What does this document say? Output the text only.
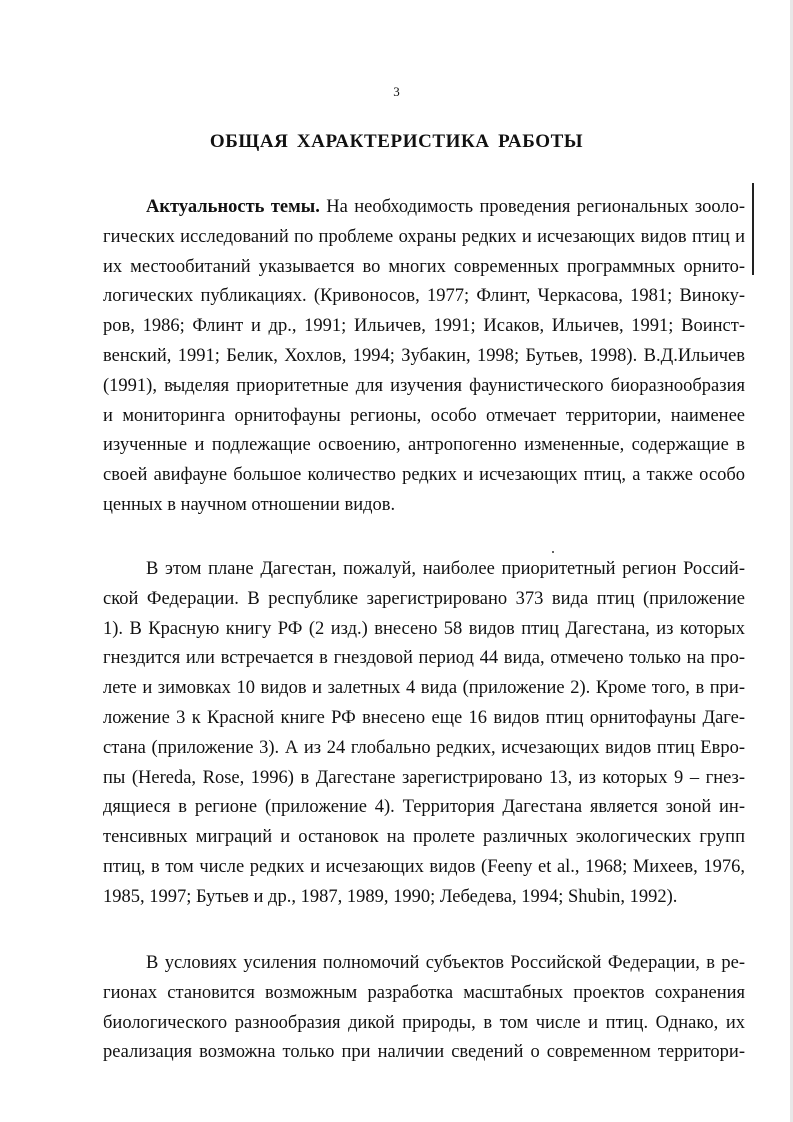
3
ОБЩАЯ ХАРАКТЕРИСТИКА РАБОТЫ
Актуальность темы. На необходимость проведения региональных зооло-
гических исследований по проблеме охраны редких и исчезающих видов птиц и
их местообитаний указывается во многих современных программных орнито-
логических публикациях. (Кривоносов, 1977; Флинт, Черкасова, 1981; Виноку-
ров, 1986; Флинт и др., 1991; Ильичев, 1991; Исаков, Ильичев, 1991; Воинст-
венский, 1991; Белик, Хохлов, 1994; Зубакин, 1998; Бутьев, 1998). В.Д.Ильичев
(1991), выделяя приоритетные для изучения фаунистического биоразнообразия
и мониторинга орнитофауны регионы, особо отмечает территории, наименее
изученные и подлежащие освоению, антропогенно измененные, содержащие в
своей авифауне большое количество редких и исчезающих птиц, а также особо
ценных в научном отношении видов.
В этом плане Дагестан, пожалуй, наиболее приоритетный регион Россий-
ской Федерации. В республике зарегистрировано 373 вида птиц (приложение
1). В Красную книгу РФ (2 изд.) внесено 58 видов птиц Дагестана, из которых
гнездится или встречается в гнездовой период 44 вида, отмечено только на про-
лете и зимовках 10 видов и залетных 4 вида (приложение 2). Кроме того, в при-
ложение 3 к Красной книге РФ внесено еще 16 видов птиц орнитофауны Даге-
стана (приложение 3). А из 24 глобально редких, исчезающих видов птиц Евро-
пы (Hereda, Rose, 1996) в Дагестане зарегистрировано 13, из которых 9 – гнез-
дящиеся в регионе (приложение 4). Территория Дагестана является зоной ин-
тенсивных миграций и остановок на пролете различных экологических групп
птиц, в том числе редких и исчезающих видов (Feeny et al., 1968; Михеев, 1976,
1985, 1997; Бутьев и др., 1987, 1989, 1990; Лебедева, 1994; Shubin, 1992).
В условиях усиления полномочий субъектов Российской Федерации, в ре-
гионах становится возможным разработка масштабных проектов сохранения
биологического разнообразия дикой природы, в том числе и птиц. Однако, их
реализация возможна только при наличии сведений о современном территори-
